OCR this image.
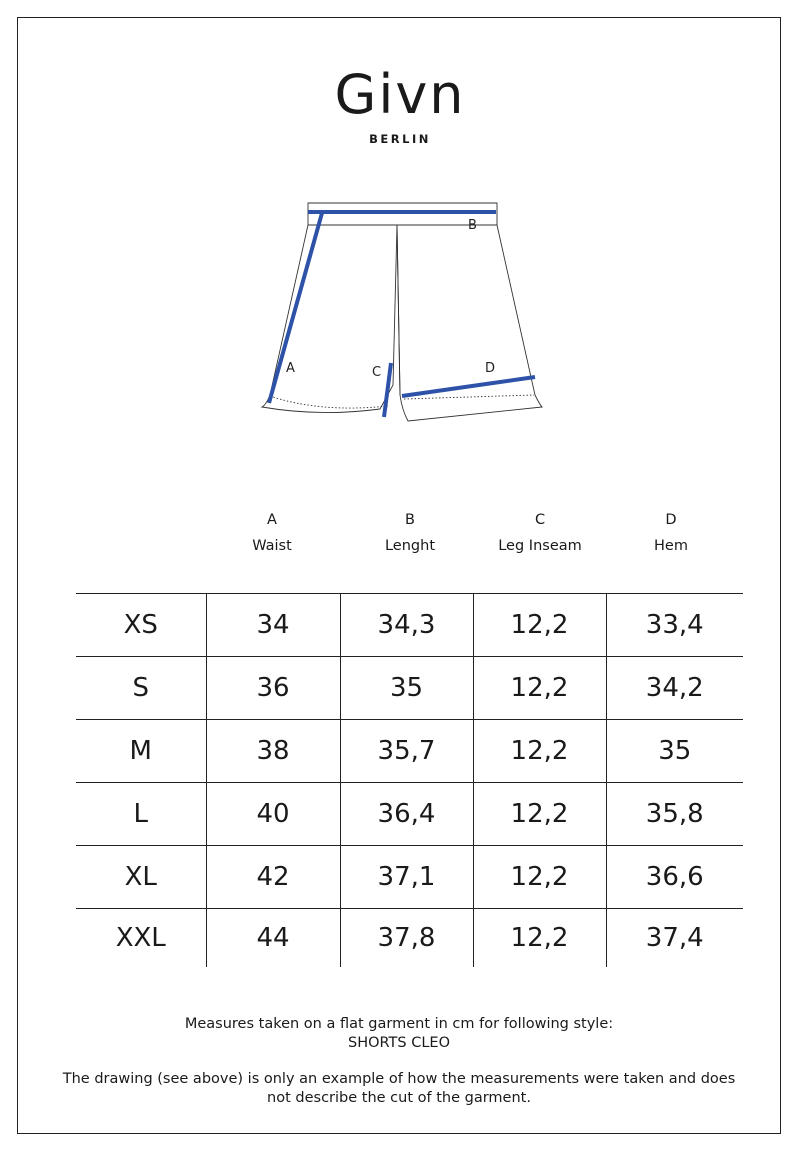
Givn
BERLIN
A
B
C	D
A
Waist
B
Lenght
C
Leg Inseam
D
Hem
XS	34	34,3	12,2	33,4
S	36	35	12,2	34,2
M	38	35,7	12,2	35
L	40	36,4	12,2	35,8
XL	42	37,1	12,2	36,6
XXL	44	37,8	12,2	37,4
Measures taken on a flat garment in cm for following style:
SHORTS CLEO
The drawing (see above) is only an example of how the measurements were taken and does
not describe the cut of the garment.
